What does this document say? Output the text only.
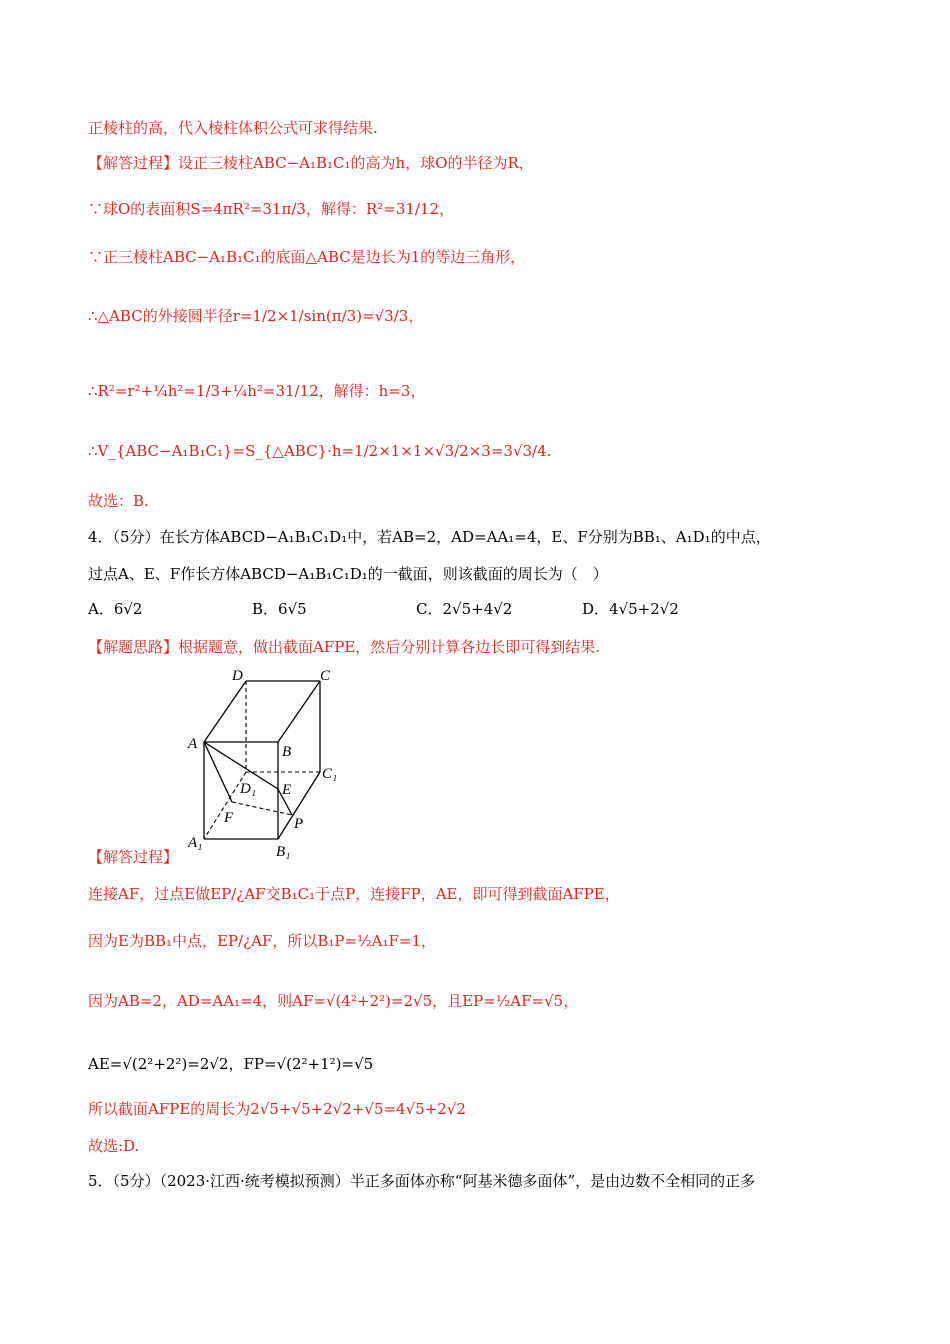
正棱柱的高，代入棱柱体积公式可求得结果.
【解答过程】设正三棱柱ABC−A₁B₁C₁的高为h，球O的半径为R，
∵球O的表面积S=4πR²=31π/3，解得：R²=31/12，
∵正三棱柱ABC−A₁B₁C₁的底面△ABC是边长为1的等边三角形，
∴△ABC的外接圆半径r=1/2×1/sin(π/3)=√3/3，
∴R²=r²+¼h²=1/3+¼h²=31/12，解得：h=3，
∴V_{ABC−A₁B₁C₁}=S_{△ABC}·h=1/2×1×1×√3/2×3=3√3/4.
故选：B.
4．（5分）在长方体ABCD−A₁B₁C₁D₁中，若AB=2，AD=AA₁=4，E、F分别为BB₁、A₁D₁的中点，
过点A、E、F作长方体ABCD−A₁B₁C₁D₁的一截面，则该截面的周长为（　）
A．6√2	B．6√5	C．2√5+4√2	D．4√5+2√2
【解题思路】根据题意，做出截面AFPE，然后分别计算各边长即可得到结果.
D	C
A	B
C₁
D₁ E
F	P
A₁
B₁
【解答过程】
连接AF，过点E做EP/¿AF交B₁C₁于点P，连接FP，AE，即可得到截面AFPE，
因为E为BB₁中点，EP/¿AF，所以B₁P=½A₁F=1，
因为AB=2，AD=AA₁=4，则AF=√(4²+2²)=2√5，且EP=½AF=√5，
AE=√(2²+2²)=2√2，FP=√(2²+1²)=√5
所以截面AFPE的周长为2√5+√5+2√2+√5=4√5+2√2
故选:D.
5．（5分）（2023·江西·统考模拟预测）半正多面体亦称“阿基米德多面体”，是由边数不全相同的正多
